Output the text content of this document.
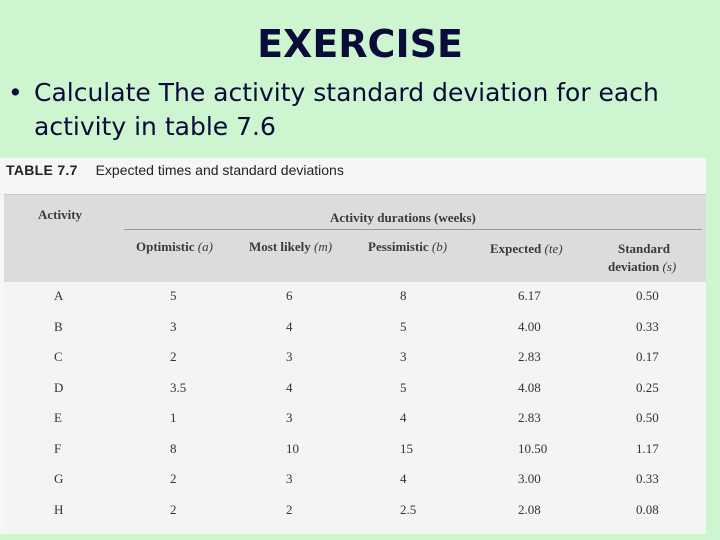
EXERCISE
• Calculate The activity standard deviation for each activity in table 7.6
TABLE 7.7 Expected times and standard deviations
Activity	Activity durations (weeks)
Optimistic (a)	Most likely (m)	Pessimistic (b)	Expected (te)	Standard
deviation (s)
A	5	6	8	6.17	0.50
B	3	4	5	4.00	0.33
C	2	3	3	2.83	0.17
D	3.5	4	5	4.08	0.25
E	1	3	4	2.83	0.50
F	8	10	15	10.50	1.17
G	2	3	4	3.00	0.33
H	2	2	2.5	2.08	0.08
